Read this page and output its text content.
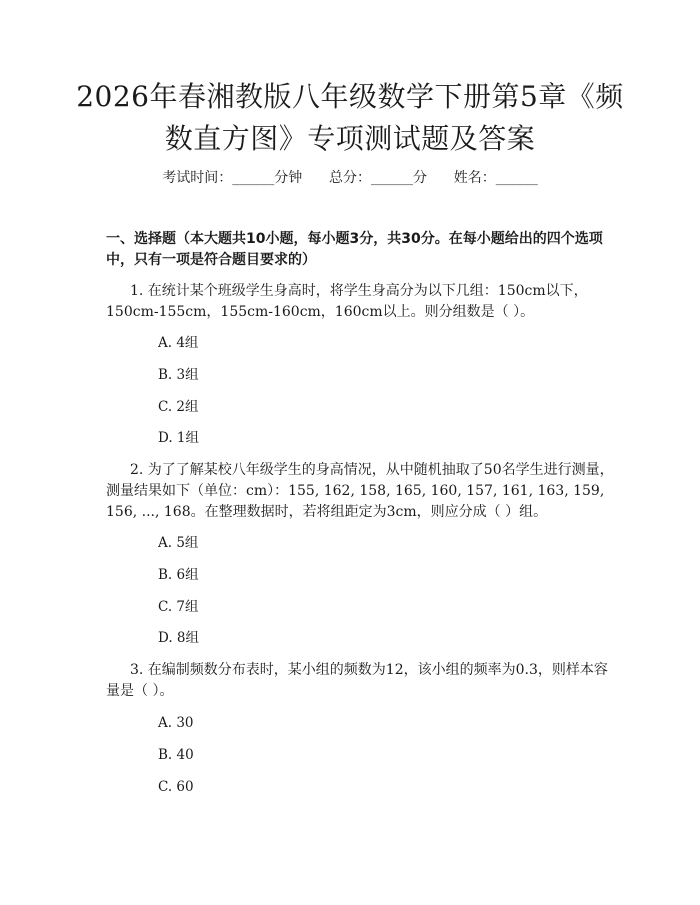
2026年春湘教版八年级数学下册第5章《频数直方图》专项测试题及答案
考试时间：______分钟      总分：______分      姓名：______
一、选择题（本大题共10小题，每小题3分，共30分。在每小题给出的四个选项中，只有一项是符合题目要求的）
1. 在统计某个班级学生身高时，将学生身高分为以下几组：150cm以下，150cm-155cm，155cm-160cm，160cm以上。则分组数是（ ）。
A. 4组
B. 3组
C. 2组
D. 1组
2. 为了了解某校八年级学生的身高情况，从中随机抽取了50名学生进行测量，测量结果如下（单位：cm）：155, 162, 158, 165, 160, 157, 161, 163, 159, 156, ..., 168。在整理数据时，若将组距定为3cm，则应分成（ ）组。
A. 5组
B. 6组
C. 7组
D. 8组
3. 在编制频数分布表时，某小组的频数为12，该小组的频率为0.3，则样本容量是（ ）。
A. 30
B. 40
C. 60
